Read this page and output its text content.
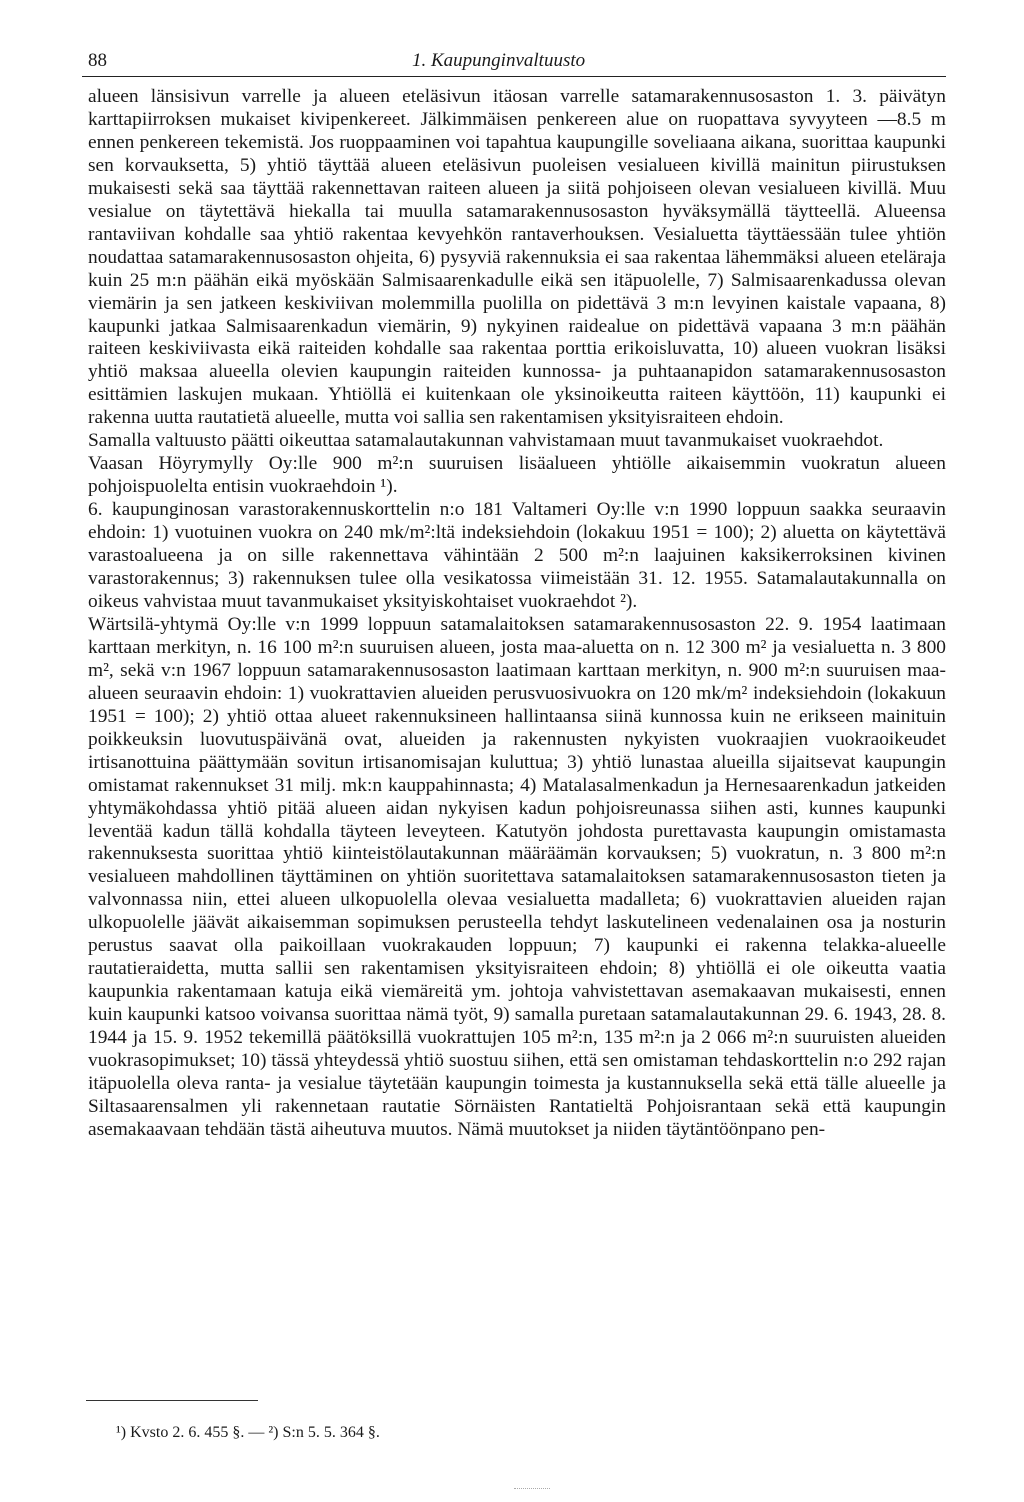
88	1. Kaupunginvaltuusto

alueen länsisivun varrelle ja alueen eteläsivun itäosan varrelle satamarakennusosaston 1. 3. päivätyn karttapiirroksen mukaiset kivipenkereet. Jälkimmäisen penkereen alue on ruopattava syvyyteen —8.5 m ennen penkereen tekemistä. Jos ruoppaaminen voi tapahtua kaupungille soveliaana aikana, suorittaa kaupunki sen korvauksetta, 5) yhtiö täyttää alueen eteläsivun puoleisen vesialueen kivillä mainitun piirustuksen mukaisesti sekä saa täyttää rakennettavan raiteen alueen ja siitä pohjoiseen olevan vesialueen kivillä. Muu vesialue on täytettävä hiekalla tai muulla satamarakennusosaston hyväksymällä täytteellä. Alueensa rantaviivan kohdalle saa yhtiö rakentaa kevyehkön rantaverhouksen. Vesialuetta täyttäessään tulee yhtiön noudattaa satamarakennusosaston ohjeita, 6) pysyviä rakennuksia ei saa rakentaa lähemmäksi alueen eteläraja kuin 25 m:n päähän eikä myöskään Salmisaarenkadulle eikä sen itäpuolelle, 7) Salmisaarenkadussa olevan viemärin ja sen jatkeen keskiviivan molemmilla puolilla on pidettävä 3 m:n levyinen kaistale vapaana, 8) kaupunki jatkaa Salmisaarenkadun viemärin, 9) nykyinen raidealue on pidettävä vapaana 3 m:n päähän raiteen keskiviivasta eikä raiteiden kohdalle saa rakentaa porttia erikoisluvatta, 10) alueen vuokran lisäksi yhtiö maksaa alueella olevien kaupungin raiteiden kunnossa- ja puhtaanapidon satamarakennusosaston esittämien laskujen mukaan. Yhtiöllä ei kuitenkaan ole yksinoikeutta raiteen käyttöön, 11) kaupunki ei rakenna uutta rautatietä alueelle, mutta voi sallia sen rakentamisen yksityisraiteen ehdoin.

Samalla valtuusto päätti oikeuttaa satamalautakunnan vahvistamaan muut tavanmukaiset vuokraehdot.

Vaasan Höyrymylly Oy:lle 900 m²:n suuruisen lisäalueen yhtiölle aikaisemmin vuokratun alueen pohjoispuolelta entisin vuokraehdoin ¹).

6. kaupunginosan varastorakennuskorttelin n:o 181 Valtameri Oy:lle v:n 1990 loppuun saakka seuraavin ehdoin: 1) vuotuinen vuokra on 240 mk/m²:ltä indeksiehdoin (lokakuu 1951 = 100); 2) aluetta on käytettävä varastoalueena ja on sille rakennettava vähintään 2 500 m²:n laajuinen kaksikerroksinen kivinen varastorakennus; 3) rakennuksen tulee olla vesikatossa viimeistään 31. 12. 1955. Satamalautakunnalla on oikeus vahvistaa muut tavanmukaiset yksityiskohtaiset vuokraehdot ²).

Wärtsilä-yhtymä Oy:lle v:n 1999 loppuun satamalaitoksen satamarakennusosaston 22. 9. 1954 laatimaan karttaan merkityn, n. 16 100 m²:n suuruisen alueen, josta maa-aluetta on n. 12 300 m² ja vesialuetta n. 3 800 m², sekä v:n 1967 loppuun satamarakennusosaston laatimaan karttaan merkityn, n. 900 m²:n suuruisen maa-alueen seuraavin ehdoin: 1) vuokrattavien alueiden perusvuosivuokra on 120 mk/m² indeksiehdoin (lokakuun 1951 = 100); 2) yhtiö ottaa alueet rakennuksineen hallintaansa siinä kunnossa kuin ne erikseen mainituin poikkeuksin luovutuspäivänä ovat, alueiden ja rakennusten nykyisten vuokraajien vuokraoikeudet irtisanottuina päättymään sovitun irtisanomisajan kuluttua; 3) yhtiö lunastaa alueilla sijaitsevat kaupungin omistamat rakennukset 31 milj. mk:n kauppahinnasta; 4) Matalasalmenkadun ja Hernesaarenkadun jatkeiden yhtymäkohdassa yhtiö pitää alueen aidan nykyisen kadun pohjoisreunassa siihen asti, kunnes kaupunki leventää kadun tällä kohdalla täyteen leveyteen. Katutyön johdosta purettavasta kaupungin omistamasta rakennuksesta suorittaa yhtiö kiinteistölautakunnan määräämän korvauksen; 5) vuokratun, n. 3 800 m²:n vesialueen mahdollinen täyttäminen on yhtiön suoritettava satamalaitoksen satamarakennusosaston tieten ja valvonnassa niin, ettei alueen ulkopuolella olevaa vesialuetta madalleta; 6) vuokrattavien alueiden rajan ulkopuolelle jäävät aikaisemman sopimuksen perusteella tehdyt laskutelineen vedenalainen osa ja nosturin perustus saavat olla paikoillaan vuokrakauden loppuun; 7) kaupunki ei rakenna telakka-alueelle rautatieraidetta, mutta sallii sen rakentamisen yksityisraiteen ehdoin; 8) yhtiöllä ei ole oikeutta vaatia kaupunkia rakentamaan katuja eikä viemäreitä ym. johtoja vahvistettavan asemakaavan mukaisesti, ennen kuin kaupunki katsoo voivansa suorittaa nämä työt, 9) samalla puretaan satamalautakunnan 29. 6. 1943, 28. 8. 1944 ja 15. 9. 1952 tekemillä päätöksillä vuokrattujen 105 m²:n, 135 m²:n ja 2 066 m²:n suuruisten alueiden vuokrasopimukset; 10) tässä yhteydessä yhtiö suostuu siihen, että sen omistaman tehdaskorttelin n:o 292 rajan itäpuolella oleva ranta- ja vesialue täytetään kaupungin toimesta ja kustannuksella sekä että tälle alueelle ja Siltasaarensalmen yli rakennetaan rautatie Sörnäisten Rantatieltä Pohjoisrantaan sekä että kaupungin asemakaavaan tehdään tästä aiheutuva muutos. Nämä muutokset ja niiden täytäntöönpano pen-

¹) Kvsto 2. 6. 455 §. — ²) S:n 5. 5. 364 §.
